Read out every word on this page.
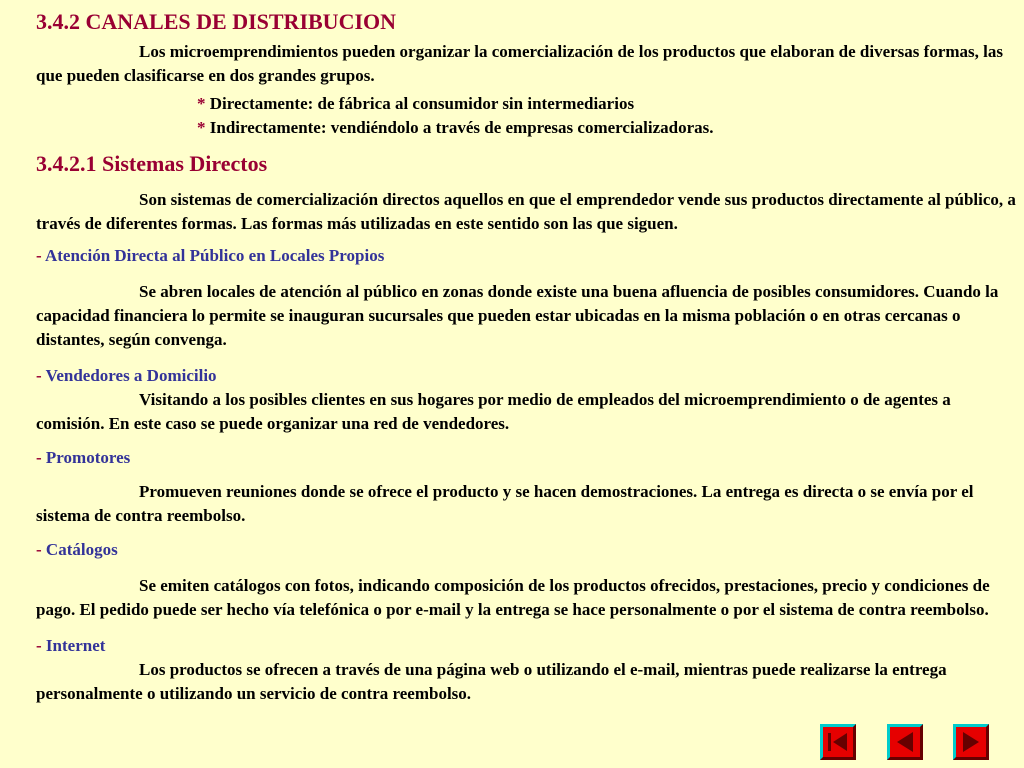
3.4.2 CANALES DE DISTRIBUCION

Los microemprendimientos pueden organizar la comercialización de los productos que elaboran de diversas formas, las que pueden clasificarse en dos grandes grupos.

* Directamente: de fábrica al consumidor sin intermediarios

* Indirectamente: vendiéndolo a través de empresas comercializadoras.

3.4.2.1 Sistemas Directos

Son sistemas de comercialización directos aquellos en que el emprendedor vende sus productos directamente al público, a través de diferentes formas. Las formas más utilizadas en este sentido son las que siguen.

- Atención Directa al Público en Locales Propios

Se abren locales de atención al público en zonas donde existe una buena afluencia de posibles consumidores. Cuando la capacidad financiera lo permite se inauguran sucursales que pueden estar ubicadas en la misma población o en otras cercanas o distantes, según convenga.

- Vendedores a Domicilio

Visitando a los posibles clientes en sus hogares por medio de empleados del microemprendimiento o de agentes a comisión. En este caso se puede organizar una red de vendedores.

- Promotores

Promueven reuniones donde se ofrece el producto y se hacen demostraciones. La entrega es directa o se envía por el sistema de contra reembolso.

- Catálogos

Se emiten catálogos con fotos, indicando composición de los productos ofrecidos, prestaciones, precio y condiciones de pago. El pedido puede ser hecho vía telefónica o por e-mail y la entrega se hace personalmente o por el sistema de contra reembolso.

- Internet

Los productos se ofrecen a través de una página web o utilizando el e-mail, mientras puede realizarse la entrega personalmente o utilizando un servicio de contra reembolso.
